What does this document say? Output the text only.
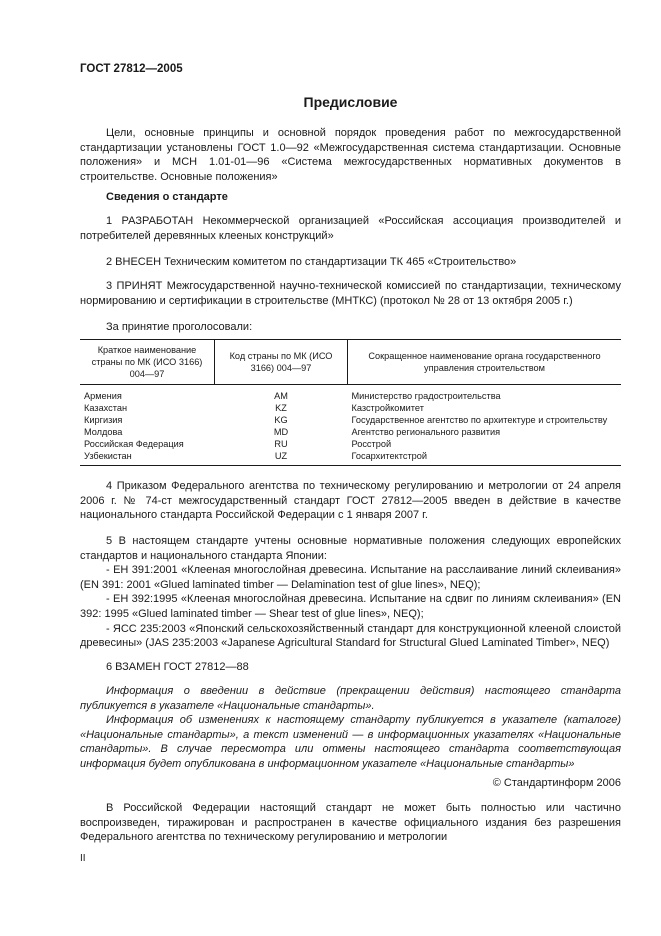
ГОСТ 27812—2005
Предисловие
Цели, основные принципы и основной порядок проведения работ по межгосударственной стандартизации установлены ГОСТ 1.0—92 «Межгосударственная система стандартизации. Основные положения» и МСН 1.01-01—96 «Система межгосударственных нормативных документов в строительстве. Основные положения»
Сведения о стандарте
1 РАЗРАБОТАН Некоммерческой организацией «Российская ассоциация производителей и потребителей деревянных клееных конструкций»
2 ВНЕСЕН Техническим комитетом по стандартизации ТК 465 «Строительство»
3 ПРИНЯТ Межгосударственной научно-технической комиссией по стандартизации, техническому нормированию и сертификации в строительстве (МНТКС) (протокол № 28 от 13 октября 2005 г.)
За принятие проголосовали:
Краткое наименование страны по МК (ИСО 3166) 004—97	Код страны по МК (ИСО 3166) 004—97	Сокращенное наименование органа государственного управления строительством
Армения	AM	Министерство градостроительства
Казахстан	KZ	Казстройкомитет
Киргизия	KG	Государственное агентство по архитектуре и строительству
Молдова	MD	Агентство регионального развития
Российская Федерация	RU	Росстрой
Узбекистан	UZ	Госархитектстрой
4 Приказом Федерального агентства по техническому регулированию и метрологии от 24 апреля 2006 г. № 74-ст межгосударственный стандарт ГОСТ 27812—2005 введен в действие в качестве национального стандарта Российской Федерации с 1 января 2007 г.

5 В настоящем стандарте учтены основные нормативные положения следующих европейских стандартов и национального стандарта Японии:

- ЕН 391:2001 «Клееная многослойная древесина. Испытание на расслаивание линий склеивания» (EN 391: 2001 «Glued laminated timber — Delamination test of glue lines», NEQ);

- ЕН 392:1995 «Клееная многослойная древесина. Испытание на сдвиг по линиям склеивания» (EN 392: 1995 «Glued laminated timber — Shear test of glue lines», NEQ);

- ЯСС 235:2003 «Японский сельскохозяйственный стандарт для конструкционной клееной слоистой древесины» (JAS 235:2003 «Japanese Agricultural Standard for Structural Glued Laminated Timber», NEQ)

6 ВЗАМЕН ГОСТ 27812—88

Информация о введении в действие (прекращении действия) настоящего стандарта публикуется в указателе «Национальные стандарты».

Информация об изменениях к настоящему стандарту публикуется в указателе (каталоге) «Национальные стандарты», а текст изменений — в информационных указателях «Национальные стандарты». В случае пересмотра или отмены настоящего стандарта соответствующая информация будет опубликована в информационном указателе «Национальные стандарты»

© Стандартинформ 2006
В Российской Федерации настоящий стандарт не может быть полностью или частично воспроизведен, тиражирован и распространен в качестве официального издания без разрешения Федерального агентства по техническому регулированию и метрологии
II
